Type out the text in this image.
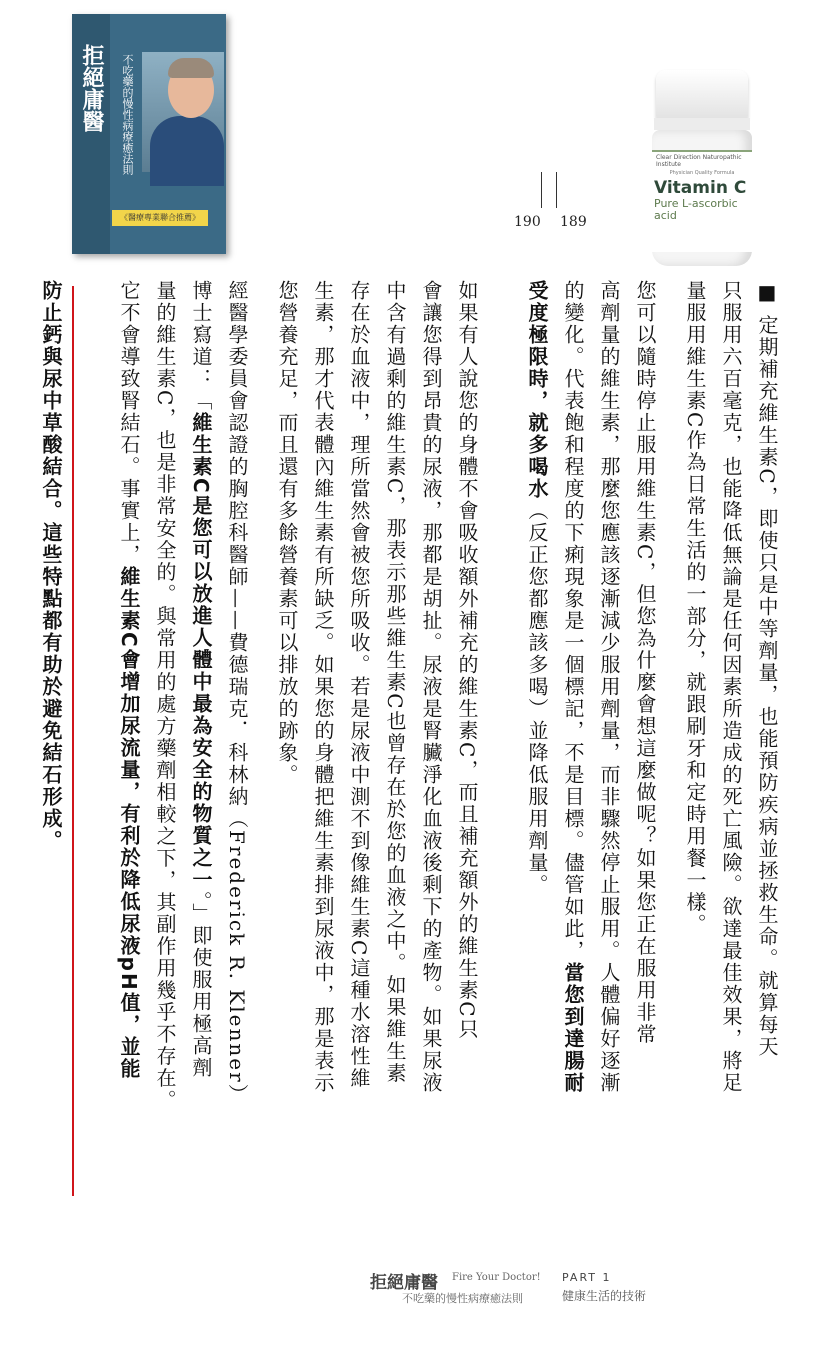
拒絕庸醫 不吃藥的慢性病療癒法則
《醫療專業聯合推薦》
Clear Direction Naturopathic Institute
Physician Quality Formula
Vitamin C
Pure L-ascorbic acid
190 189
■ 定期補充維生素C，即使只是中等劑量，也能預防疾病並拯救生命。就算每天
只服用六百毫克，也能降低無論是任何因素所造成的死亡風險。欲達最佳效果，將足
量服用維生素C作為日常生活的一部分，就跟刷牙和定時用餐一樣。
您可以隨時停止服用維生素C，但您為什麼會想這麼做呢？如果您正在服用非常
高劑量的維生素，那麼您應該逐漸減少服用劑量，而非驟然停止服用。人體偏好逐漸
的變化。代表飽和程度的下痢現象是一個標記，不是目標。儘管如此，當您到達腸耐
受度極限時，就多喝水（反正您都應該多喝）並降低服用劑量。
如果有人說您的身體不會吸收額外補充的維生素C，而且補充額外的維生素C只
會讓您得到昂貴的尿液，那都是胡扯。尿液是腎臟淨化血液後剩下的產物。如果尿液
中含有過剩的維生素C，那表示那些維生素C也曾存在於您的血液之中。如果維生素
存在於血液中，理所當然會被您所吸收。若是尿液中測不到像維生素C這種水溶性維
生素，那才代表體內維生素有所缺乏。如果您的身體把維生素排到尿液中，那是表示
您營養充足，而且還有多餘營養素可以排放的跡象。
經醫學委員會認證的胸腔科醫師——費德瑞克．科林納（Frederick R. Klenner）
博士寫道：「維生素C是您可以放進人體中最為安全的物質之一。」即使服用極高劑
量的維生素C，也是非常安全的。與常用的處方藥劑相較之下，其副作用幾乎不存在。
它不會導致腎結石。事實上，維生素C會增加尿流量，有利於降低尿液pH值，並能
防止鈣與尿中草酸結合。這些特點都有助於避免結石形成。
拒絕庸醫 Fire Your Doctor!
不吃藥的慢性病療癒法則
PART 1
健康生活的技術
